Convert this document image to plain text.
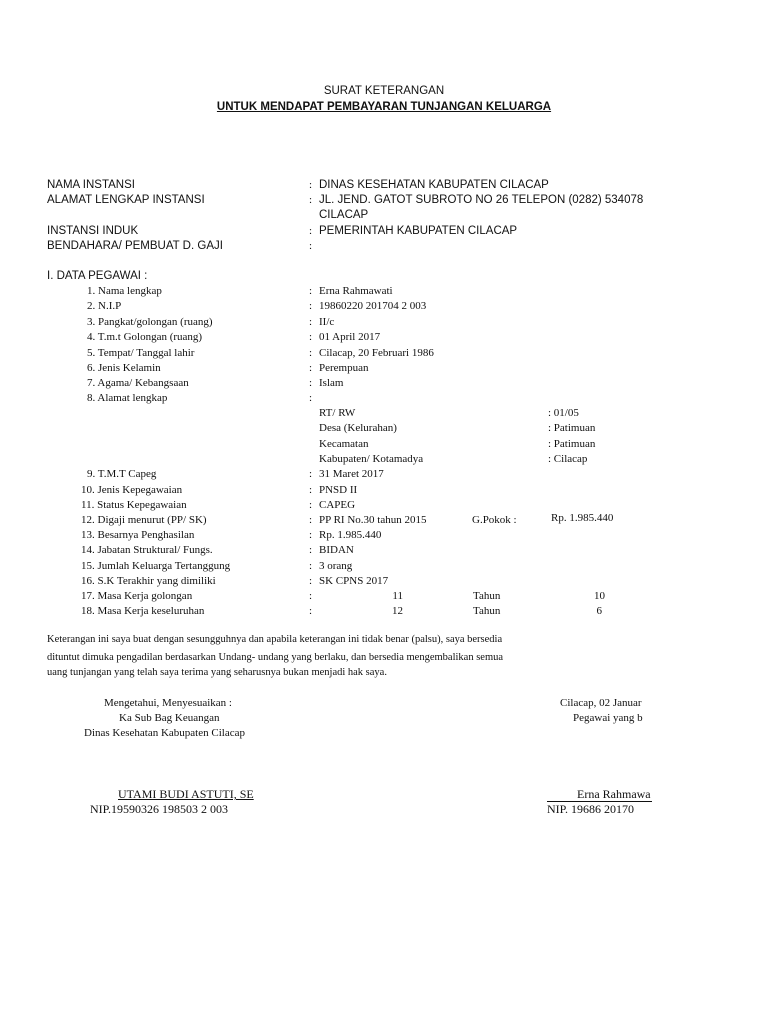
SURAT KETERANGAN
UNTUK MENDAPAT PEMBAYARAN TUNJANGAN KELUARGA
NAMA INSTANSI	: DINAS KESEHATAN KABUPATEN CILACAP
ALAMAT LENGKAP INSTANSI	: JL. JEND. GATOT SUBROTO NO 26 TELEPON (0282) 534078
CILACAP
INSTANSI INDUK	: PEMERINTAH KABUPATEN CILACAP
BENDAHARA/ PEMBUAT D. GAJI	:
I. DATA PEGAWAI :
1. Nama lengkap	: Erna Rahmawati
2. N.I.P	: 19860220 201704 2 003
3. Pangkat/golongan (ruang)	: II/c
4. T.m.t Golongan (ruang)	: 01 April 2017
5. Tempat/ Tanggal lahir	: Cilacap, 20 Februari 1986
6. Jenis Kelamin	: Perempuan
7. Agama/ Kebangsaan	: Islam
8. Alamat lengkap	:
RT/ RW	: 01/05
Desa (Kelurahan)	: Patimuan
Kecamatan	: Patimuan
Kabupaten/ Kotamadya	: Cilacap
9. T.M.T Capeg	: 31 Maret 2017
10. Jenis Kepegawaian	: PNSD II
11. Status Kepegawaian	: CAPEG
12. Digaji menurut (PP/ SK)	: PP RI No.30 tahun 2015	G.Pokok :	Rp. 1.985.440
13. Besarnya Penghasilan	: Rp. 1.985.440
14. Jabatan Struktural/ Fungs.	: BIDAN
15. Jumlah Keluarga Tertanggung	: 3 orang
16. S.K Terakhir yang dimiliki	: SK CPNS 2017
17. Masa Kerja golongan	:	11	Tahun	10
18. Masa Kerja keseluruhan	:	12	Tahun	6
Keterangan ini saya buat dengan sesungguhnya dan apabila keterangan ini tidak benar (palsu), saya bersedia
dituntut dimuka pengadilan berdasarkan Undang- undang yang berlaku, dan bersedia mengembalikan semua
uang tunjangan yang telah saya terima yang seharusnya bukan menjadi hak saya.
Mengetahui, Menyesuaikan :
Ka Sub Bag Keuangan
Dinas Kesehatan Kabupaten Cilacap
UTAMI BUDI ASTUTI, SE
NIP.19590326 198503 2 003
Cilacap, 02 Januar
Pegawai yang b
Erna Rahmawa
NIP. 19686 20170
